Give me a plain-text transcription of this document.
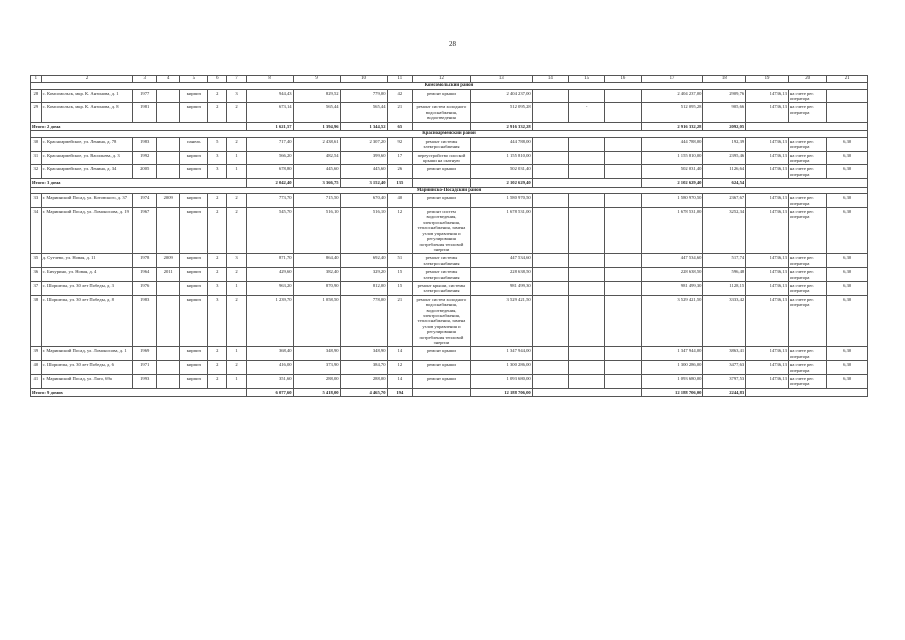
28
1	2	3	4	5	6	7	8	9	10	11	12	13	14	15	16	17	18	19	20	21
Комсомольский район																				
28	с. Комсомольск, мкр. К. Антонова, д. 1	1977		кирпич	2	3	944,43	829,52	779,00	42	ремонт крыши	2 404 237,00				2 404 237,00	2909,76	14736,13	на счете рег. оператора	
29	с. Комсомольск, мкр. К. Антонова, д. 8	1981		кирпич	2	2	673,14	565,44	565,44	21	ремонт систем холодного водоснабжения, водоотведения	512 095,28		-		512 095,28	905,66	14736,13	на счете рег. оператора	
Итого: 2 дома							1 621,57	1 394,96	1 344,52	65		2 916 332,28				2 916 332,28	2092,05			
Красноармейский район																				
30	с. Красноармейское, ул. Ленина, д. 78	1983		панель	5	2	717,40	2 438,61	2 307,20	92	ремонт системы электроснабжения	444 788,00				444 788,00	192,39	14736,13	на счете рег. оператора	6,30
31	с. Красноармейское, ул. Васильева, д. 3	1992		кирпич	3	1	566,20	482,54	399,60	17	переустройство плоской крыши на скатную	1 155 810,00				1 155 810,00	2395,46	14736,13	на счете рег. оператора	6,30
32	с. Красноармейское, ул. Ленина, д. 34	2005		кирпич	3	1	678,80	445,60	445,60	26	ремонт крыши	502 031,40				502 031,40	1126,64	14736,13	на счете рег. оператора	6,30
Итого: 3 дома							2 042,40	3 366,75	3 152,40	135		2 102 629,40				2 102 629,40	624,54			
Мариинско-Посадский район																				
33	г. Мариинский Посад, ул. Котовского, д. 37	1974	2009	кирпич	2	2	773,70	715,50	670,40	40	ремонт крыши	1 580 970,50				1 580 970,50	2367,67	14736,13	на счете рег. оператора	6,30
34	г. Мариинский Посад, ул. Ломоносова, д. 19	1967		кирпич	2	2	545,70	516,10	516,10	12	ремонт систем водоотведения, электроснабжения, теплоснабжения, замена узлов управления и регулирования потребления тепловой энергии	1 678 531,00				1 678 531,00	3252,34	14736,13	на счете рег. оператора	6,30
35	д. Сутчево, ул. Новая, д. 11	1978	2009	кирпич	2	3	871,70	864,40	692,40	51	ремонт системы электроснабжения	447 534,60				447 534,60	517,74	14736,13	на счете рег. оператора	6,30
36	с. Бичурино, ул. Новая, д. 4	1964	2011	кирпич	2	2	429,60	382,40	329,20	15	ремонт системы электроснабжения	228 638,50				228 638,50	596,48	14736,13	на счете рег. оператора	6,30
37	с. Шоршелы, ул. 30 лет Победы, д. 3	1976		кирпич	3	1	963,20	870,90	812,00	15	ремонт крыши, системы электроснабжения	981 499,30				981 499,30	1128,15	14736,13	на счете рег. оператора	6,30
38	с. Шоршелы, ул. 30 лет Победы, д. 8	1983		кирпич	3	2	1 239,70	1 058,50	778,00	21	ремонт систем холодного водоснабжения, водоотведения, электроснабжения, теплоснабжения, замена узлов управления и регулирования потребления тепловой энергии	3 529 421,50				3 529 421,50	3333,42	14736,13	на счете рег. оператора	6,30
39	г. Мариинский Посад, ул. Ломоносова, д. 1	1969		кирпич	2	1	368,40	348,90	348,90	14	ремонт крыши	1 347 944,00				1 347 944,00	3863,41	14736,13	на счете рег. оператора	6,30
40	с. Шоршелы, ул. 30 лет Победы, д. 6	1971		кирпич	2	2	416,00	373,90	384,70	12	ремонт крыши	1 300 286,00				1 300 286,00	3477,63	14736,13	на счете рег. оператора	6,30
41	г. Мариинский Посад, ул. Лаго, 69а	1993		кирпич	2	1	351,60	288,00	288,00	14	ремонт крыши	1 093 680,00				1 093 680,00	3797,53	14736,13	на счете рег. оператора	6,30
Итого: 9 домов							6 077,60	5 418,00	4 465,70	194		12 188 706,00				12 188 706,00	2244,83			
